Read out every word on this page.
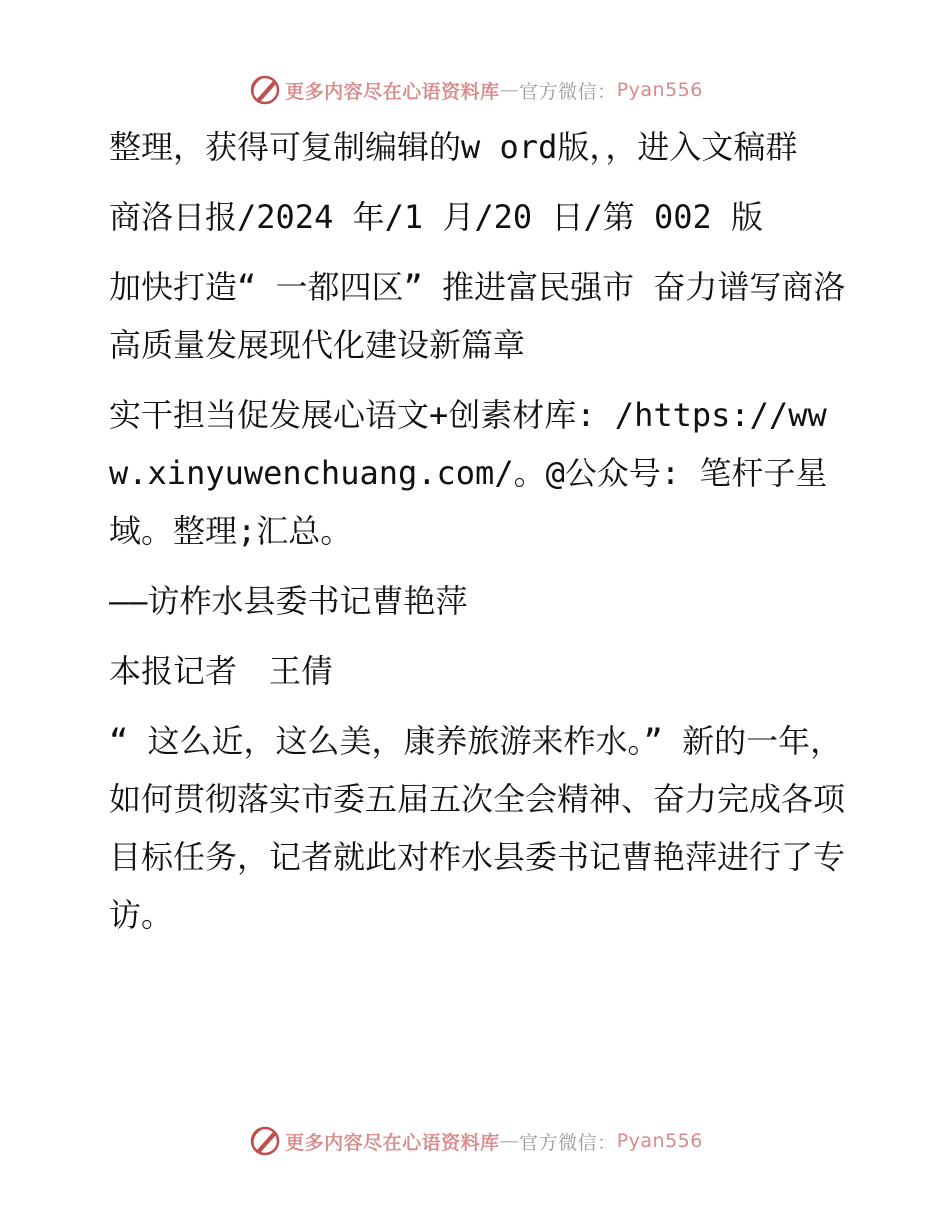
更多内容尽在心语资料库 — 官方微信： Pyan556

整理，获得可复制编辑的w ord版，，进入文稿群

商洛日报/2024 年/1 月/20 日/第 002 版

加快打造“ 一都四区” 推进富民强市 奋力谱写商洛高质量发展现代化建设新篇章

实干担当促发展心语文+创素材库: /https://www.xinyuwenchuang.com/。@公众号: 笔杆子星域。整理;汇总。

——访柞水县委书记曹艳萍

本报记者　王倩

“ 这么近，这么美，康养旅游来柞水。” 新的一年，如何贯彻落实市委五届五次全会精神、奋力完成各项目标任务，记者就此对柞水县委书记曹艳萍进行了专访。

更多内容尽在心语资料库 — 官方微信： Pyan556
